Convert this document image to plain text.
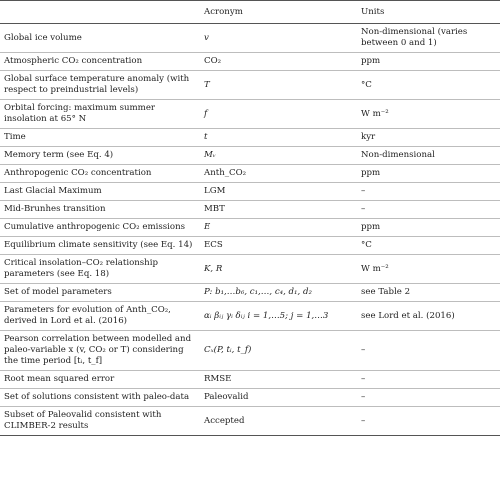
	Acronym	Units
Global ice volume	v	Non-dimensional (varies between 0 and 1)
Atmospheric CO₂ concentration	CO₂	ppm
Global surface temperature anomaly (with respect to preindustrial levels)	T	°C
Orbital forcing: maximum summer insolation at 65° N	f	W m⁻²
Time	t	kyr
Memory term (see Eq. 4)	Mᵥ	Non-dimensional
Anthropogenic CO₂ concentration	Anth_CO₂	ppm
Last Glacial Maximum	LGM	–
Mid-Brunhes transition	MBT	–
Cumulative anthropogenic CO₂ emissions	E	ppm
Equilibrium climate sensitivity (see Eq. 14)	ECS	°C
Critical insolation–CO₂ relationship parameters (see Eq. 18)	K, R	W m⁻²
Set of model parameters	P: b₁,…b₆, c₁,…, c₄, d₁, d₂	see Table 2
Parameters for evolution of Anth_CO₂, derived in Lord et al. (2016)	αᵢ βᵢⱼ γᵢ δᵢⱼ i = 1,…5; j = 1,…3	see Lord et al. (2016)
Pearson correlation between modelled and paleo-variable x (v, CO₂ or T) considering the time period [tᵢ, t_f]	Cₓ(P, tᵢ, t_f)	–
Root mean squared error	RMSE	–
Set of solutions consistent with paleo-data	Paleovalid	–
Subset of Paleovalid consistent with CLIMBER-2 results	Accepted	–
